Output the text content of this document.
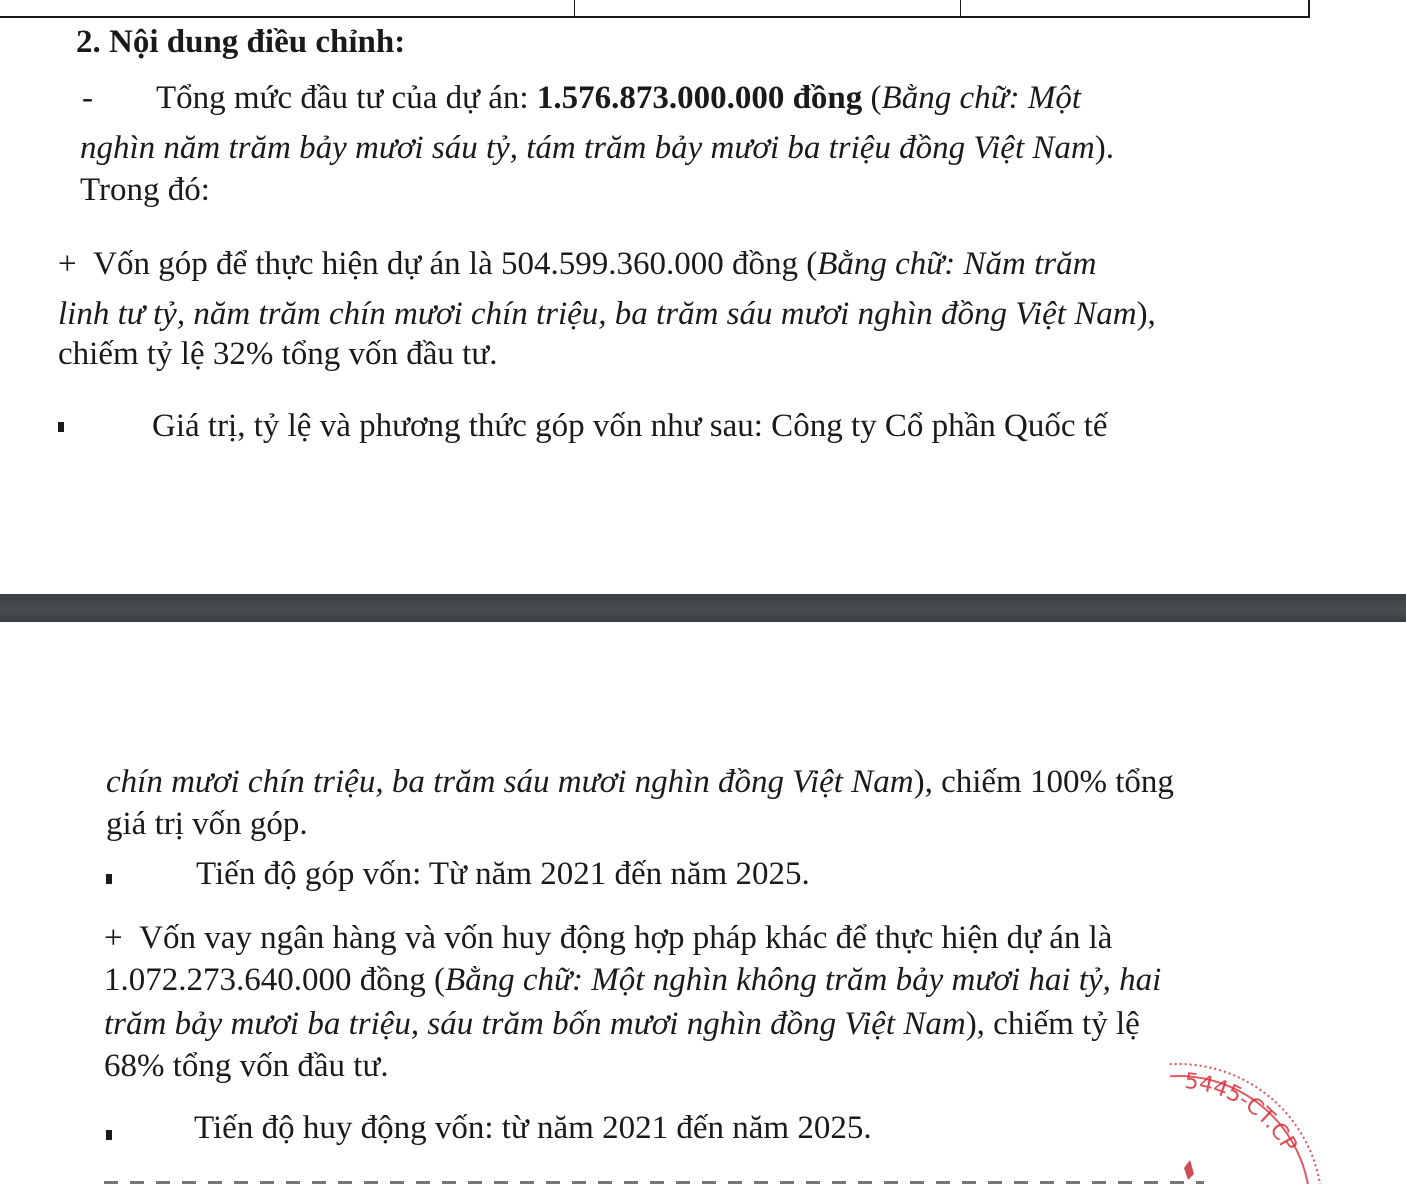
2. Nội dung điều chỉnh:
- Tổng mức đầu tư của dự án: 1.576.873.000.000 đồng (Bằng chữ: Một
nghìn năm trăm bảy mươi sáu tỷ, tám trăm bảy mươi ba triệu đồng Việt Nam).
Trong đó:
+ Vốn góp để thực hiện dự án là 504.599.360.000 đồng (Bằng chữ: Năm trăm
linh tư tỷ, năm trăm chín mươi chín triệu, ba trăm sáu mươi nghìn đồng Việt Nam),
chiếm tỷ lệ 32% tổng vốn đầu tư.
Giá trị, tỷ lệ và phương thức góp vốn như sau: Công ty Cổ phần Quốc tế
chín mươi chín triệu, ba trăm sáu mươi nghìn đồng Việt Nam), chiếm 100% tổng
giá trị vốn góp.
Tiến độ góp vốn: Từ năm 2021 đến năm 2025.
+ Vốn vay ngân hàng và vốn huy động hợp pháp khác để thực hiện dự án là
1.072.273.640.000 đồng (Bằng chữ: Một nghìn không trăm bảy mươi hai tỷ, hai
trăm bảy mươi ba triệu, sáu trăm bốn mươi nghìn đồng Việt Nam), chiếm tỷ lệ
68% tổng vốn đầu tư.
Tiến độ huy động vốn: từ năm 2021 đến năm 2025.
5445-CT.CP
